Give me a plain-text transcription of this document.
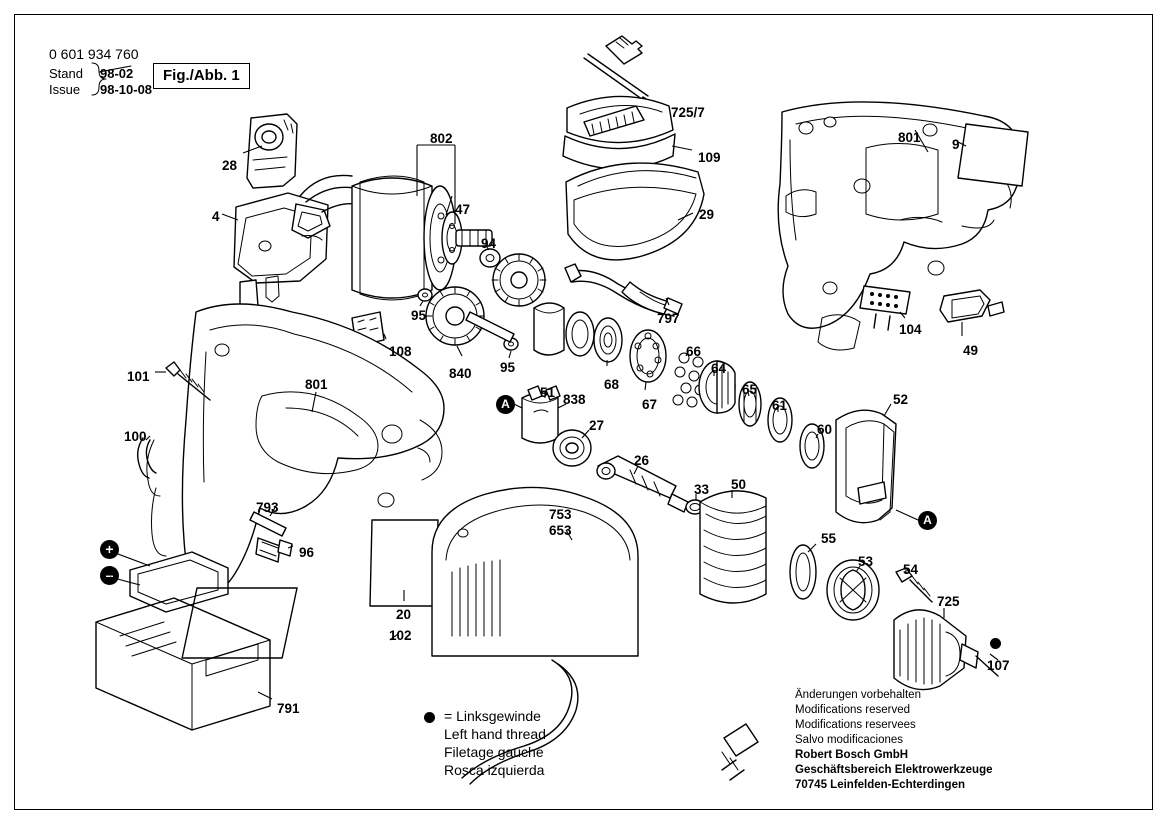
0 601 934 760
Stand
Issue
98-02
98-10-08
Fig./Abb. 1
28
4
802
47
94
95
95
840
108
101
100
801
793
96
20
102
791
725/7
109
29
797
801 9
104
49
51 838
27
68
67
66
64
65
61
60
52
26
33 50
55
53
54
725
107
753
653
A
A
+
–
= Linksgewinde
Left hand thread
Filetage gauche
Rosca izquierda
Änderungen vorbehalten
Modifications reserved
Modifications reservees
Salvo modificaciones
Robert Bosch GmbH
Geschäftsbereich Elektrowerkzeuge
70745 Leinfelden-Echterdingen
